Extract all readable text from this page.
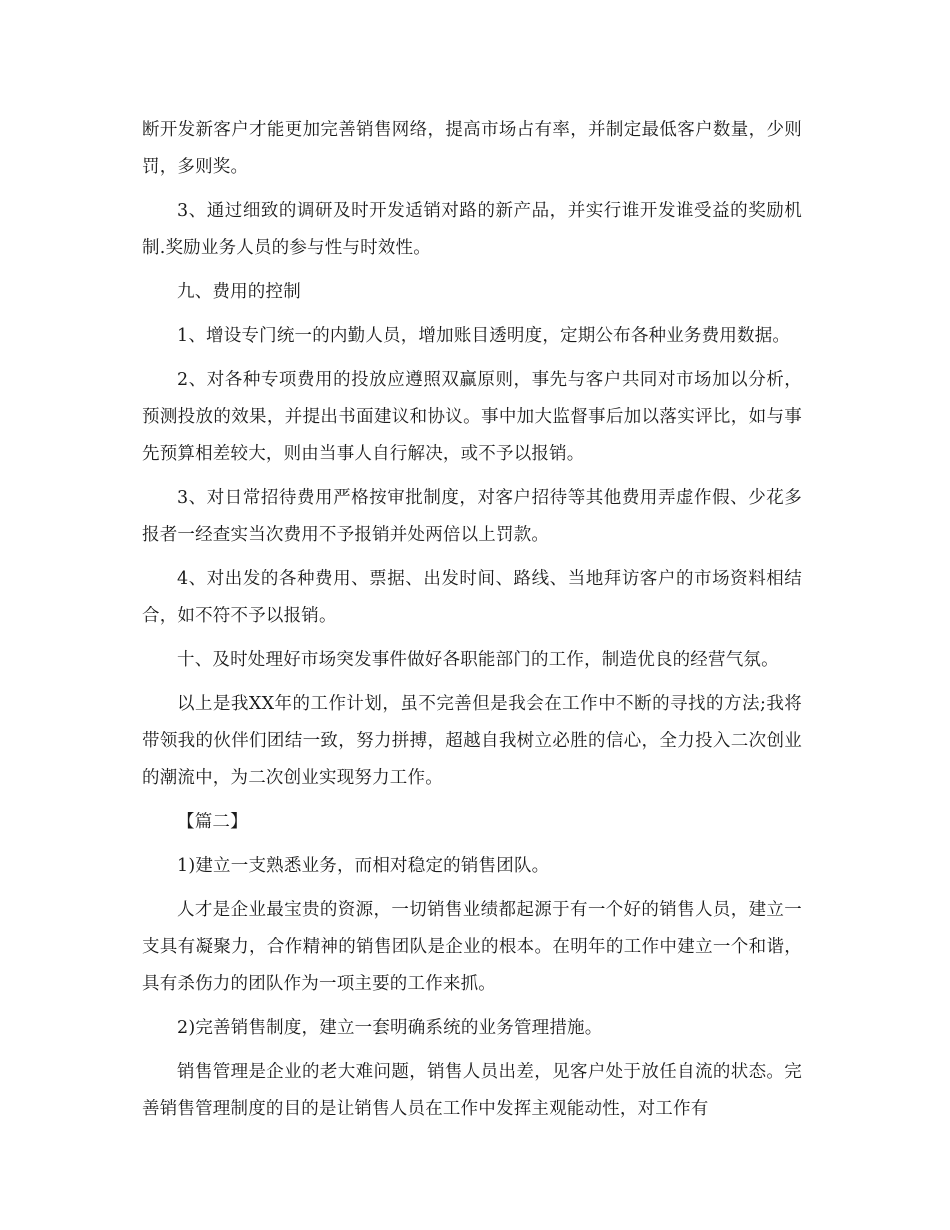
断开发新客户才能更加完善销售网络，提高市场占有率，并制定最低客户数量，少则罚，多则奖。

3、通过细致的调研及时开发适销对路的新产品，并实行谁开发谁受益的奖励机制.奖励业务人员的参与性与时效性。

九、费用的控制

1、增设专门统一的内勤人员，增加账目透明度，定期公布各种业务费用数据。

2、对各种专项费用的投放应遵照双赢原则，事先与客户共同对市场加以分析，预测投放的效果，并提出书面建议和协议。事中加大监督事后加以落实评比，如与事先预算相差较大，则由当事人自行解决，或不予以报销。

3、对日常招待费用严格按审批制度，对客户招待等其他费用弄虚作假、少花多报者一经查实当次费用不予报销并处两倍以上罚款。

4、对出发的各种费用、票据、出发时间、路线、当地拜访客户的市场资料相结合，如不符不予以报销。

十、及时处理好市场突发事件做好各职能部门的工作，制造优良的经营气氛。

以上是我XX年的工作计划，虽不完善但是我会在工作中不断的寻找的方法;我将带领我的伙伴们团结一致，努力拼搏，超越自我树立必胜的信心，全力投入二次创业的潮流中，为二次创业实现努力工作。

【篇二】

1)建立一支熟悉业务，而相对稳定的销售团队。

人才是企业最宝贵的资源，一切销售业绩都起源于有一个好的销售人员，建立一支具有凝聚力，合作精神的销售团队是企业的根本。在明年的工作中建立一个和谐，具有杀伤力的团队作为一项主要的工作来抓。

2)完善销售制度，建立一套明确系统的业务管理措施。

销售管理是企业的老大难问题，销售人员出差，见客户处于放任自流的状态。完善销售管理制度的目的是让销售人员在工作中发挥主观能动性，对工作有
